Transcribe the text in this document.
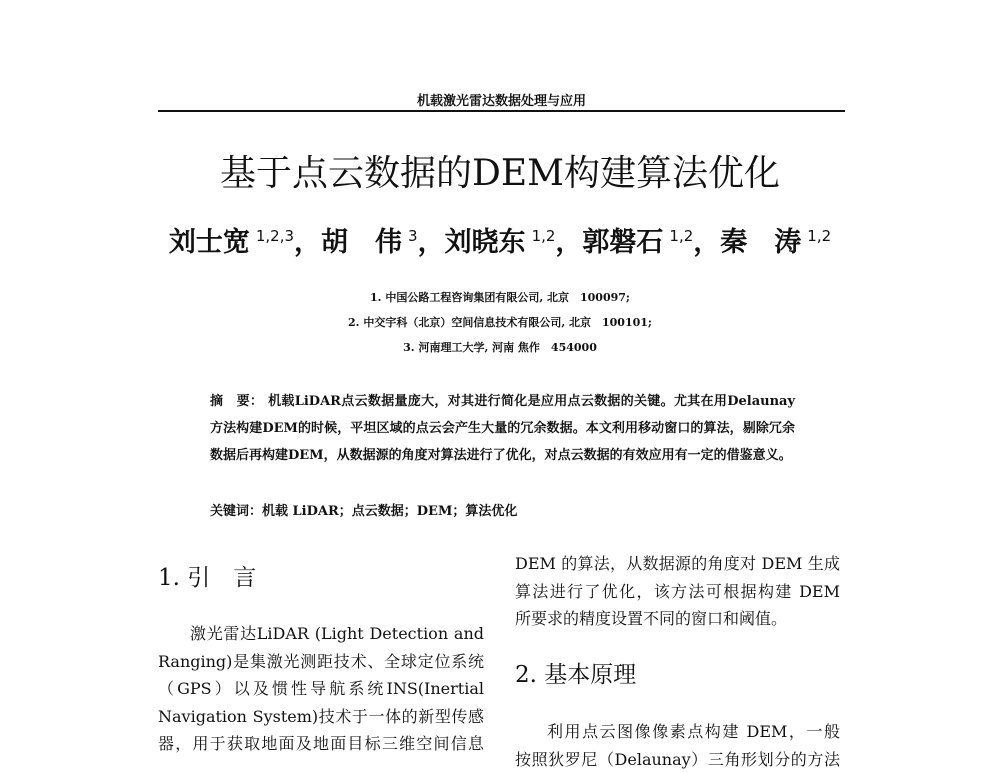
机载激光雷达数据处理与应用
基于点云数据的DEM构建算法优化
刘士宽 $^{1,2,3}$，胡　伟 $^3$，刘晓东 $^{1,2}$，郭磐石 $^{1,2}$，秦　涛 $^{1,2}$
1. 中国公路工程咨询集团有限公司, 北京　100097;
2. 中交宇科（北京）空间信息技术有限公司, 北京　100101;
3. 河南理工大学, 河南 焦作　454000
摘　要： 机载LiDAR点云数据量庞大，对其进行简化是应用点云数据的关键。尤其在用Delaunay方法构建DEM的时候，平坦区域的点云会产生大量的冗余数据。本文利用移动窗口的算法，剔除冗余数据后再构建DEM，从数据源的角度对算法进行了优化，对点云数据的有效应用有一定的借鉴意义。
关键词：机载 LiDAR；点云数据；DEM；算法优化
1. 引　言
激光雷达LiDAR (Light Detection and
Ranging)是集激光测距技术、全球定位系统
（GPS）以及惯性导航系统INS(Inertial
Navigation System)技术于一体的新型传感
器，用于获取地面及地面目标三维空间信息
DEM 的算法，从数据源的角度对 DEM 生成
算法进行了优化，该方法可根据构建 DEM
所要求的精度设置不同的窗口和阈值。
2. 基本原理
利用点云图像像素点构建 DEM，一般
按照狄罗尼（Delaunay）三角形划分的方法
